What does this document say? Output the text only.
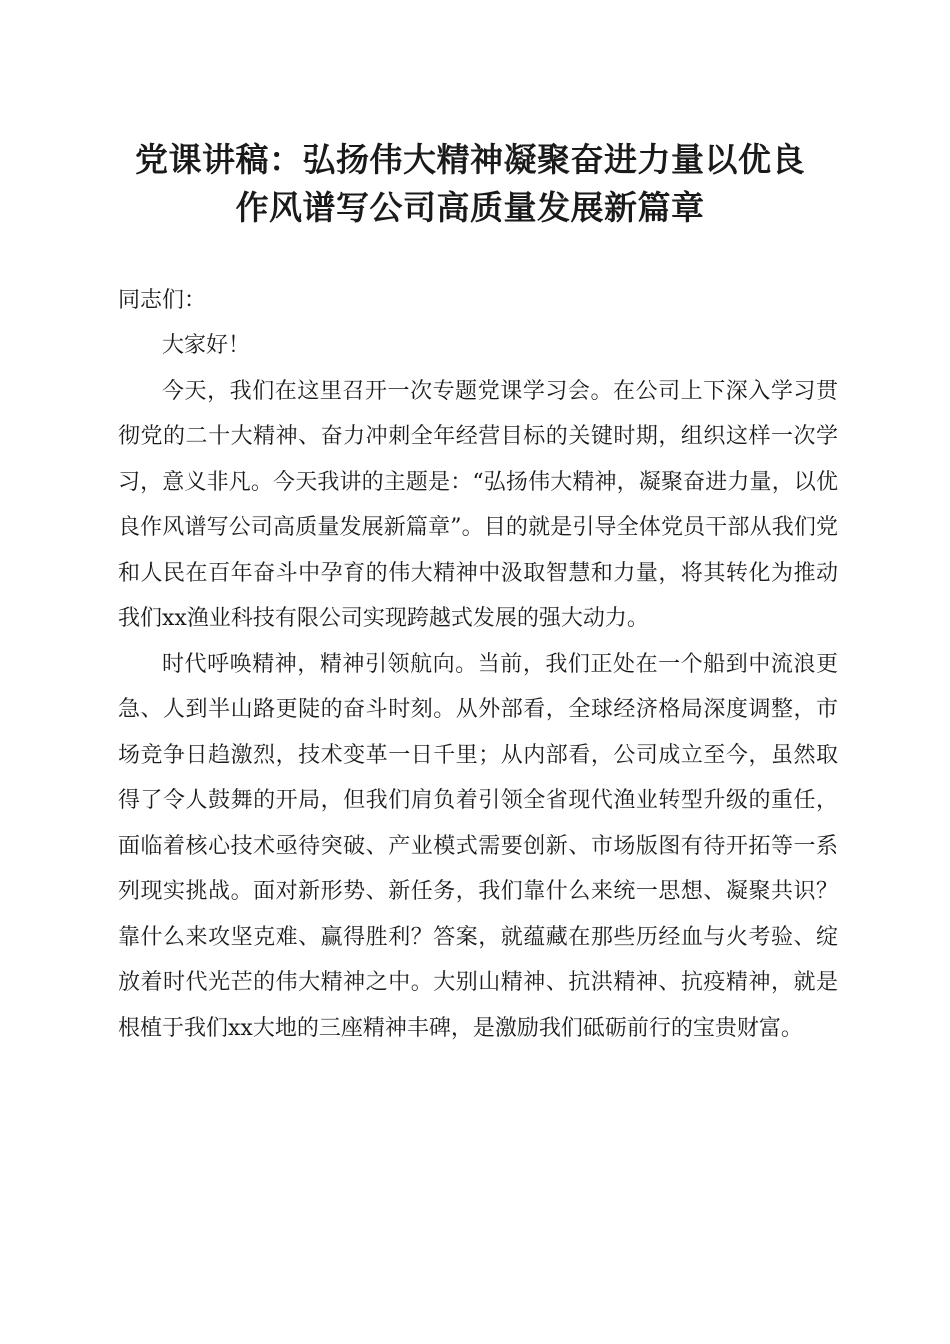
党课讲稿：弘扬伟大精神凝聚奋进力量以优良
作风谱写公司高质量发展新篇章

同志们：

大家好！

今天，我们在这里召开一次专题党课学习会。在公司上下深入学习贯彻党的二十大精神、奋力冲刺全年经营目标的关键时期，组织这样一次学习，意义非凡。今天我讲的主题是：“弘扬伟大精神，凝聚奋进力量，以优良作风谱写公司高质量发展新篇章”。目的就是引导全体党员干部从我们党和人民在百年奋斗中孕育的伟大精神中汲取智慧和力量，将其转化为推动我们xx渔业科技有限公司实现跨越式发展的强大动力。

时代呼唤精神，精神引领航向。当前，我们正处在一个船到中流浪更急、人到半山路更陡的奋斗时刻。从外部看，全球经济格局深度调整，市场竞争日趋激烈，技术变革一日千里；从内部看，公司成立至今，虽然取得了令人鼓舞的开局，但我们肩负着引领全省现代渔业转型升级的重任，面临着核心技术亟待突破、产业模式需要创新、市场版图有待开拓等一系列现实挑战。面对新形势、新任务，我们靠什么来统一思想、凝聚共识？靠什么来攻坚克难、赢得胜利？答案，就蕴藏在那些历经血与火考验、绽放着时代光芒的伟大精神之中。大别山精神、抗洪精神、抗疫精神，就是根植于我们xx大地的三座精神丰碑，是激励我们砥砺前行的宝贵财富。
